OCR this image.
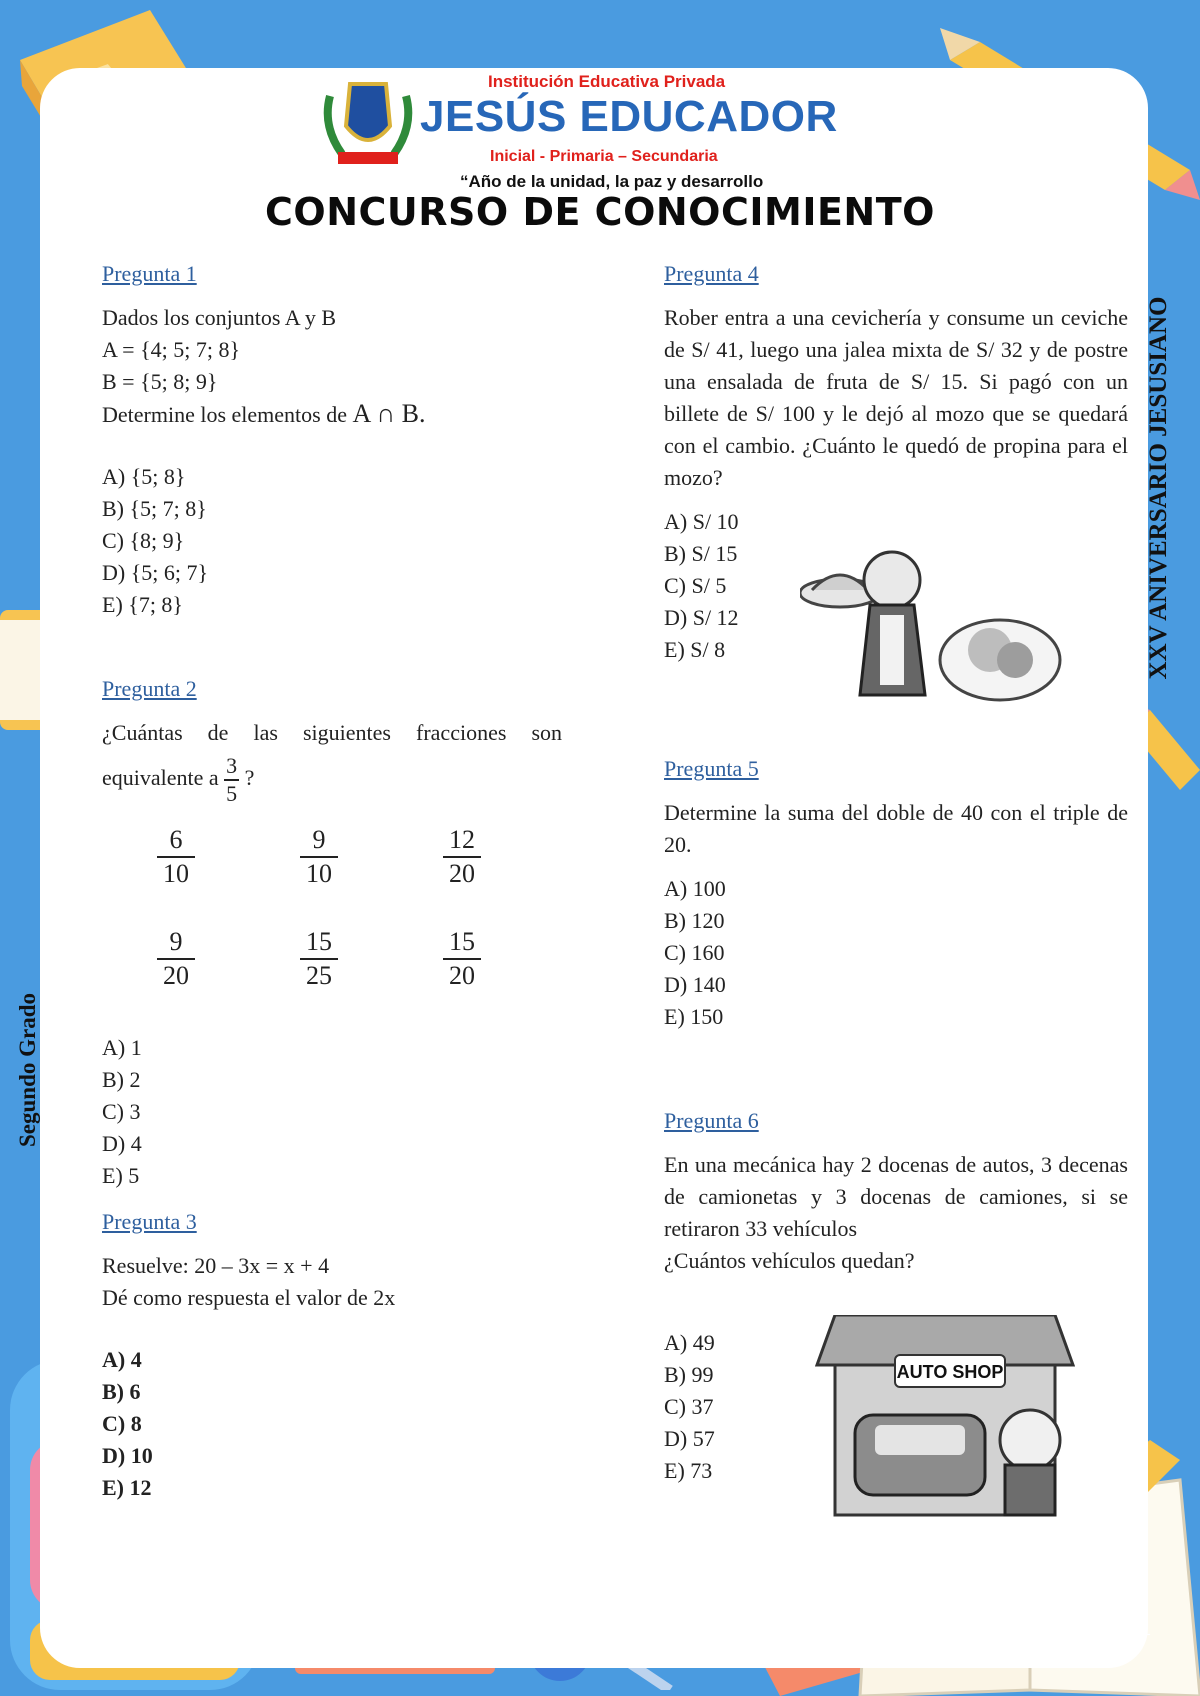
Institución Educativa Privada
JESÚS EDUCADOR
Inicial - Primaria – Secundaria
“Año de la unidad, la paz y desarrollo
CONCURSO DE CONOCIMIENTO
XXV ANIVERSARIO JESUSIANO
Segundo Grado
Pregunta 1
Dados los conjuntos A y B
A = {4; 5; 7; 8}
B = {5; 8; 9}
Determine los elementos de A ∩ B.
A) {5; 8}
B) {5; 7; 8}
C) {8; 9}
D) {5; 6; 7}
E) {7; 8}
Pregunta 2
¿Cuántas de las siguientes fracciones son
equivalente a $\frac{3}{5}$ ?
$\frac{6}{10}$	$\frac{9}{10}$	$\frac{12}{20}$
$\frac{9}{20}$	$\frac{15}{25}$	$\frac{15}{20}$
A) 1
B) 2
C) 3
D) 4
E) 5
Pregunta 3
Resuelve: 20 – 3x = x + 4
Dé como respuesta el valor de 2x
A) 4
B) 6
C) 8
D) 10
E) 12
Pregunta 4
Rober entra a una cevichería y consume un ceviche de S/ 41, luego una jalea mixta de S/ 32 y de postre una ensalada de fruta de S/ 15. Si pagó con un billete de S/ 100 y le dejó al mozo que se quedará con el cambio. ¿Cuánto le quedó de propina para el mozo?
A) S/ 10
B) S/ 15
C) S/ 5
D) S/ 12
E) S/ 8
Pregunta 5
Determine la suma del doble de 40 con el triple de 20.
A) 100
B) 120
C) 160
D) 140
E) 150
Pregunta 6
En una mecánica hay 2 docenas de autos, 3 decenas de camionetas y 3 docenas de camiones, si se retiraron 33 vehículos
¿Cuántos vehículos quedan?
A) 49
B) 99
C) 37
D) 57
E) 73
AUTO SHOP
1
